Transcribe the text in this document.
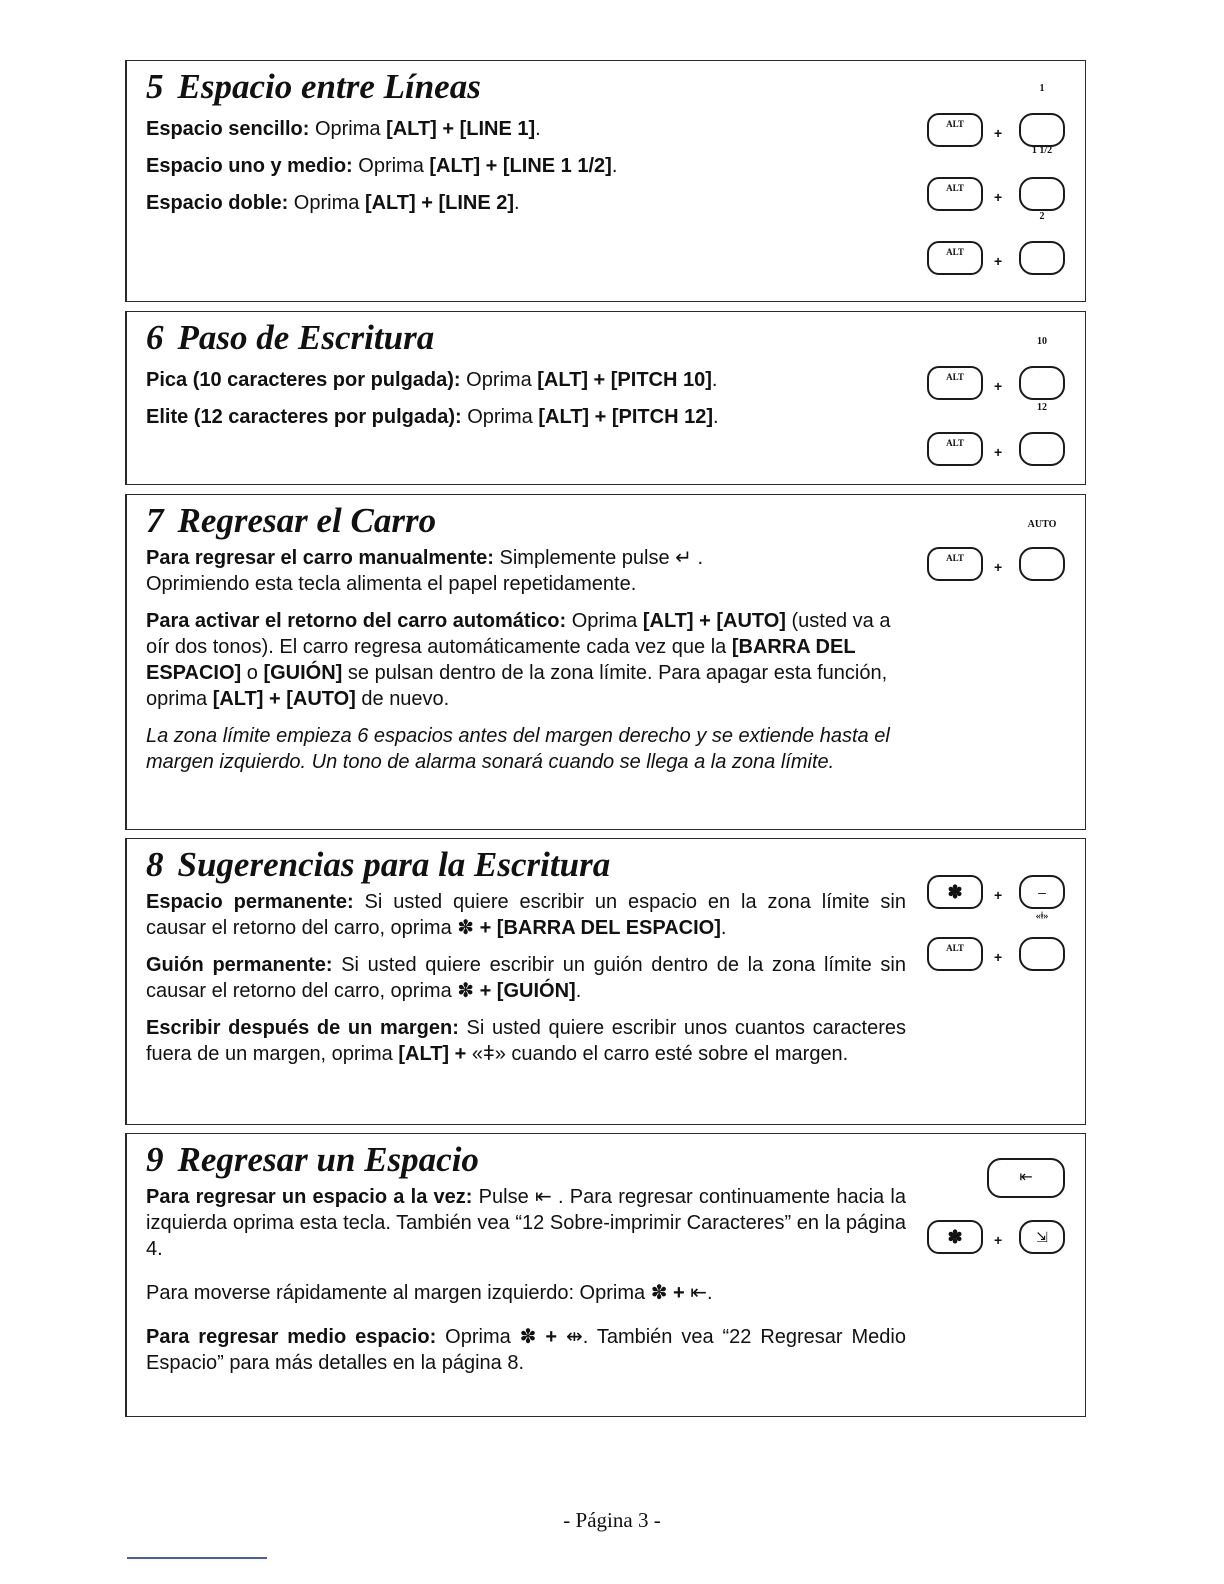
5 Espacio entre Líneas

Espacio sencillo: Oprima [ALT] + [LINE 1].

Espacio uno y medio: Oprima [ALT] + [LINE 1 1/2].

Espacio doble: Oprima [ALT] + [LINE 2].

1
ALT
+
1 1/2
ALT
+
2
ALT
+
6 Paso de Escritura

Pica (10 caracteres por pulgada): Oprima [ALT] + [PITCH 10].

Elite (12 caracteres por pulgada): Oprima [ALT] + [PITCH 12].

10
ALT
+
12
ALT
+
7 Regresar el Carro

Para regresar el carro manualmente: Simplemente pulse ↵ .
Oprimiendo esta tecla alimenta el papel repetidamente.

Para activar el retorno del carro automático: Oprima [ALT] + [AUTO] (usted va a oír dos tonos). El carro regresa automáticamente cada vez que la [BARRA DEL ESPACIO] o [GUIÓN] se pulsan dentro de la zona límite. Para apagar esta función, oprima [ALT] + [AUTO] de nuevo.

La zona límite empieza 6 espacios antes del margen derecho y se extiende hasta el margen izquierdo. Un tono de alarma sonará cuando se llega a la zona límite.

AUTO
ALT
+
8 Sugerencias para la Escritura

Espacio permanente: Si usted quiere escribir un espacio en la zona límite sin causar el retorno del carro, oprima ✽ + [BARRA DEL ESPACIO].

Guión permanente: Si usted quiere escribir un guión dentro de la zona límite sin causar el retorno del carro, oprima ✽ + [GUIÓN].

Escribir después de un margen: Si usted quiere escribir unos cuantos caracteres fuera de un margen, oprima [ALT] + «ǂ» cuando el carro esté sobre el margen.

✽	+	–
«ǂ»
ALT
+
9 Regresar un Espacio

Para regresar un espacio a la vez: Pulse ⇤ . Para regresar continuamente hacia la izquierda oprima esta tecla. También vea “12 Sobre-imprimir Caracteres” en la página 4.

Para moverse rápidamente al margen izquierdo: Oprima ✽ + ⇤.

Para regresar medio espacio: Oprima ✽ + ⇹. También vea “22 Regresar Medio Espacio” para más detalles en la página 8.

⇤
✽	+	⇲
- Página 3 -
